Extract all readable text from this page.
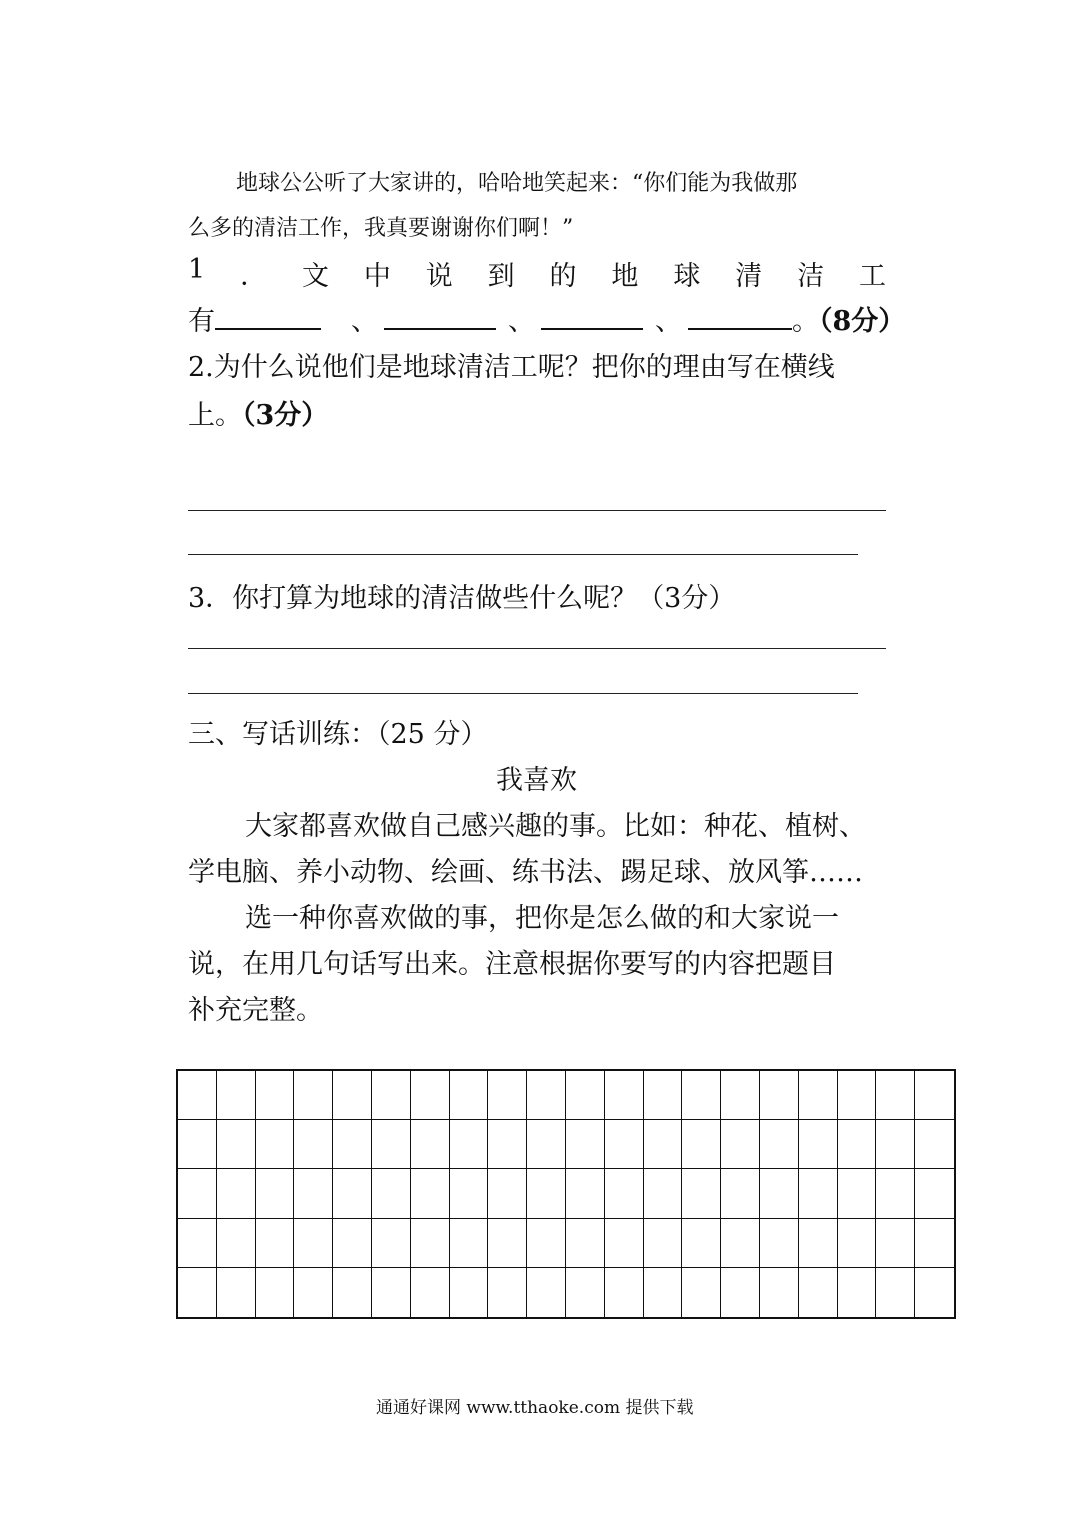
地球公公听了大家讲的，哈哈地笑起来：“你们能为我做那
么多的清洁工作，我真要谢谢你们啊！”
1 ． 文 中 说 到 的 地 球 清 洁 工
有	、	、	、	。（8分）
2.为什么说他们是地球清洁工呢？把你的理由写在横线
上。（3分）
3．你打算为地球的清洁做些什么呢？（3分）
三、写话训练：（25 分）
我喜欢
大家都喜欢做自己感兴趣的事。比如：种花、植树、
学电脑、养小动物、绘画、练书法、踢足球、放风筝……
选一种你喜欢做的事，把你是怎么做的和大家说一
说，在用几句话写出来。注意根据你要写的内容把题目
补充完整。
通通好课网 www.tthaoke.com 提供下载
